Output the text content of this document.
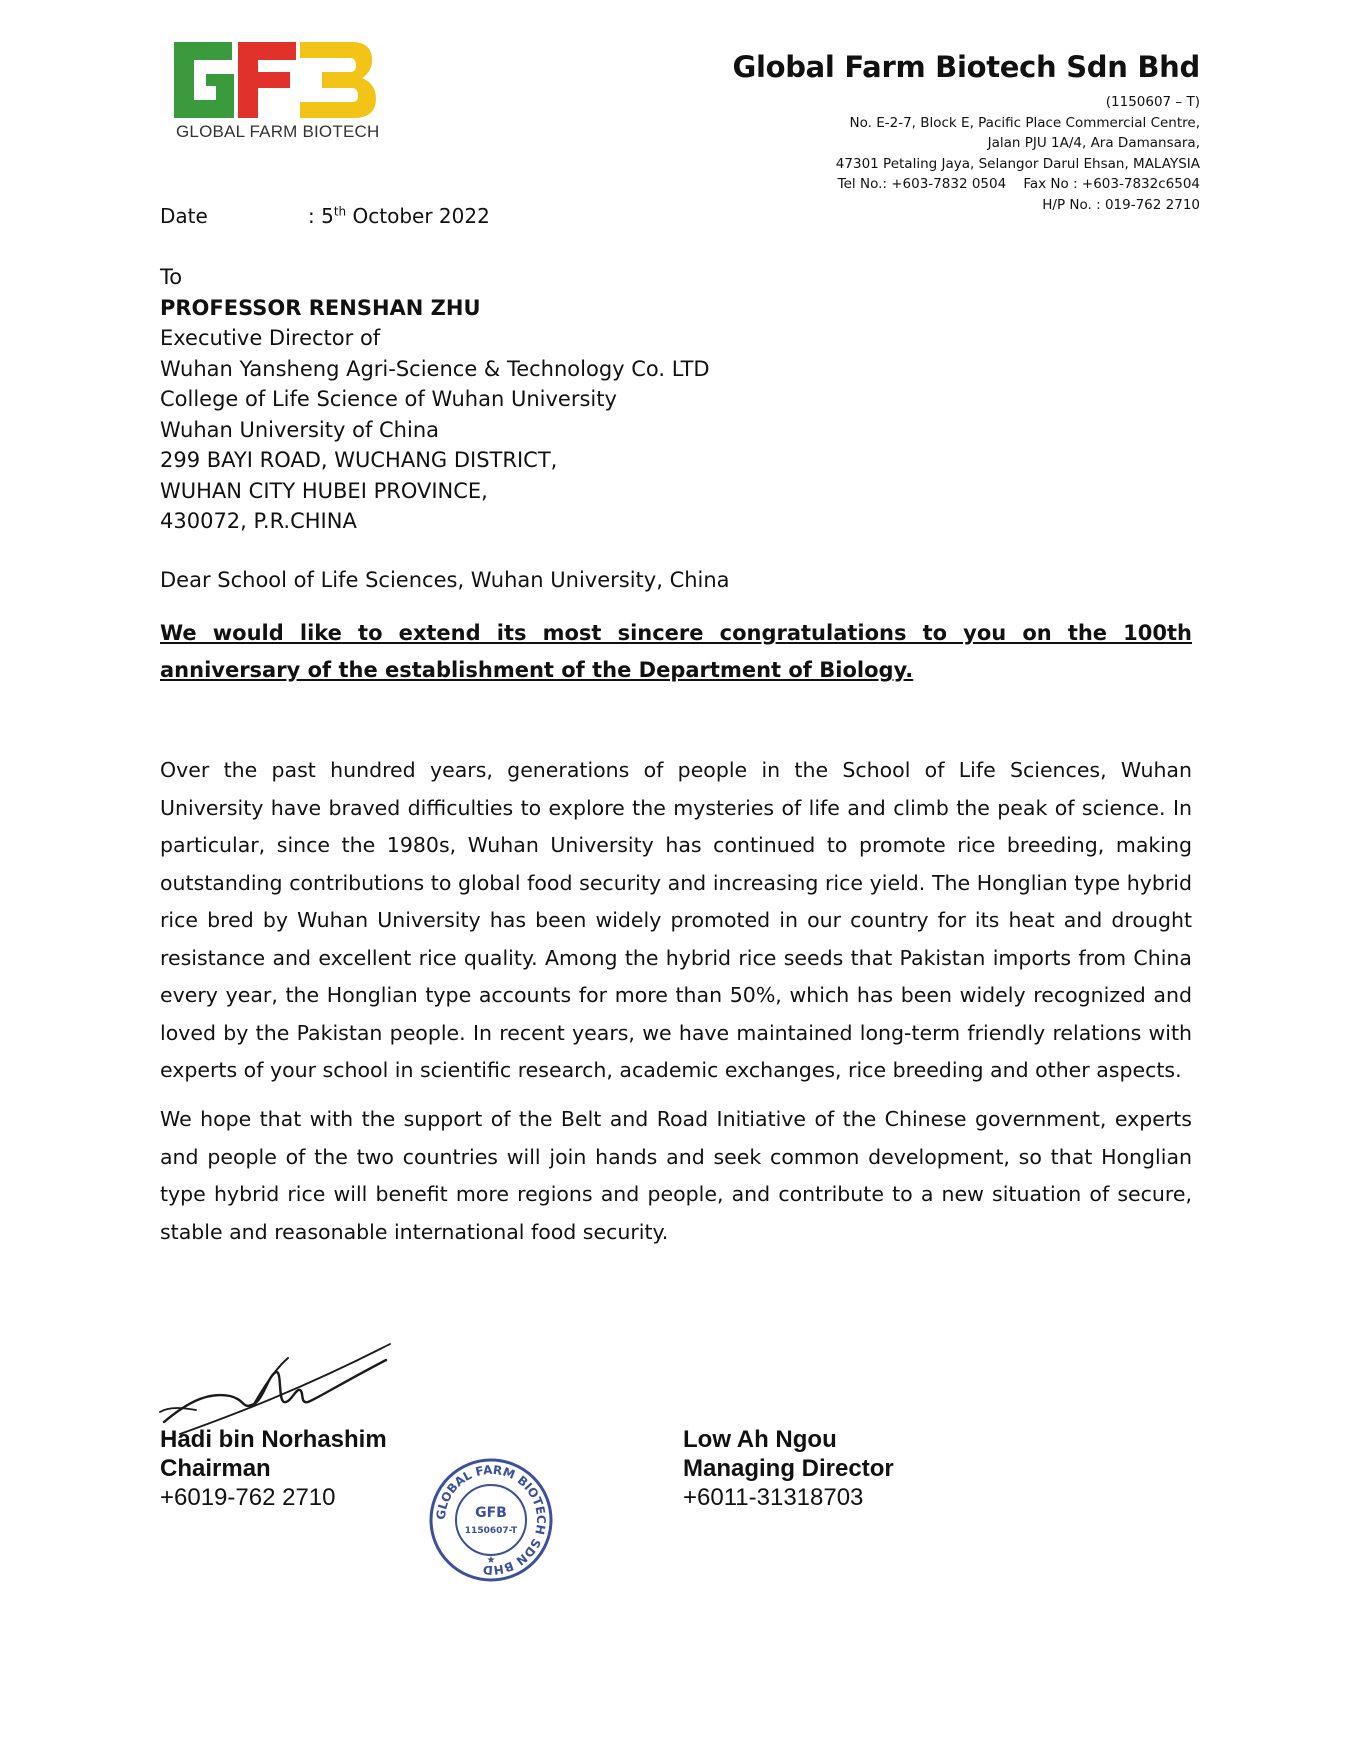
GLOBAL FARM BIOTECH
Global Farm Biotech Sdn Bhd
(1150607 – T)
No. E-2-7, Block E, Pacific Place Commercial Centre,
Jalan PJU 1A/4, Ara Damansara,
47301 Petaling Jaya, Selangor Darul Ehsan, MALAYSIA
Tel No.: +603-7832 0504    Fax No : +603-7832c6504
H/P No. : 019-762 2710
Date	: 5th October 2022
To
PROFESSOR RENSHAN ZHU
Executive Director of
Wuhan Yansheng Agri-Science & Technology Co. LTD
College of Life Science of Wuhan University
Wuhan University of China
299 BAYI ROAD, WUCHANG DISTRICT,
WUHAN CITY HUBEI PROVINCE,
430072, P.R.CHINA
Dear School of Life Sciences, Wuhan University, China
We would like to extend its most sincere congratulations to you on the 100th anniversary of the establishment of the Department of Biology.
Over the past hundred years, generations of people in the School of Life Sciences, Wuhan University have braved difficulties to explore the mysteries of life and climb the peak of science. In particular, since the 1980s, Wuhan University has continued to promote rice breeding, making outstanding contributions to global food security and increasing rice yield. The Honglian type hybrid rice bred by Wuhan University has been widely promoted in our country for its heat and drought resistance and excellent rice quality. Among the hybrid rice seeds that Pakistan imports from China every year, the Honglian type accounts for more than 50%, which has been widely recognized and loved by the Pakistan people. In recent years, we have maintained long-term friendly relations with experts of your school in scientific research, academic exchanges, rice breeding and other aspects.
We hope that with the support of the Belt and Road Initiative of the Chinese government, experts and people of the two countries will join hands and seek common development, so that Honglian type hybrid rice will benefit more regions and people, and contribute to a new situation of secure, stable and reasonable international food security.
Hadi bin Norhashim
Chairman
+6019-762 2710
Low Ah Ngou
Managing Director
+6011-31318703
GLOBAL FARM BIOTECH SDN BHD
GFB
1150607-T
★
